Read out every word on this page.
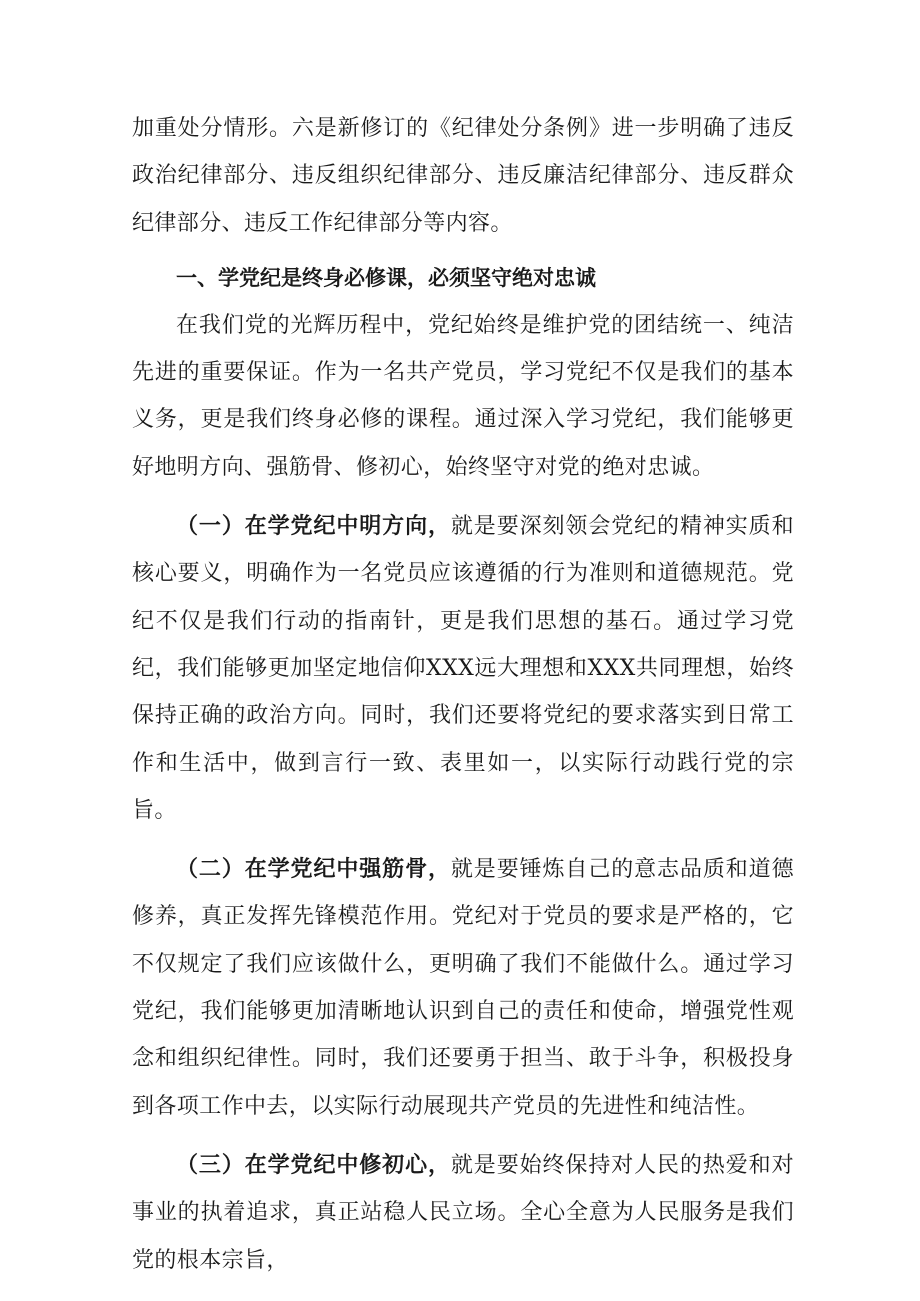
加重处分情形。六是新修订的《纪律处分条例》进一步明确了违反政治纪律部分、违反组织纪律部分、违反廉洁纪律部分、违反群众纪律部分、违反工作纪律部分等内容。

一、学党纪是终身必修课，必须坚守绝对忠诚

在我们党的光辉历程中，党纪始终是维护党的团结统一、纯洁先进的重要保证。作为一名共产党员，学习党纪不仅是我们的基本义务，更是我们终身必修的课程。通过深入学习党纪，我们能够更好地明方向、强筋骨、修初心，始终坚守对党的绝对忠诚。

（一）在学党纪中明方向，就是要深刻领会党纪的精神实质和核心要义，明确作为一名党员应该遵循的行为准则和道德规范。党纪不仅是我们行动的指南针，更是我们思想的基石。通过学习党纪，我们能够更加坚定地信仰XXX远大理想和XXX共同理想，始终保持正确的政治方向。同时，我们还要将党纪的要求落实到日常工作和生活中，做到言行一致、表里如一，以实际行动践行党的宗旨。

（二）在学党纪中强筋骨，就是要锤炼自己的意志品质和道德修养，真正发挥先锋模范作用。党纪对于党员的要求是严格的，它不仅规定了我们应该做什么，更明确了我们不能做什么。通过学习党纪，我们能够更加清晰地认识到自己的责任和使命，增强党性观念和组织纪律性。同时，我们还要勇于担当、敢于斗争，积极投身到各项工作中去，以实际行动展现共产党员的先进性和纯洁性。

（三）在学党纪中修初心，就是要始终保持对人民的热爱和对事业的执着追求，真正站稳人民立场。全心全意为人民服务是我们党的根本宗旨，
